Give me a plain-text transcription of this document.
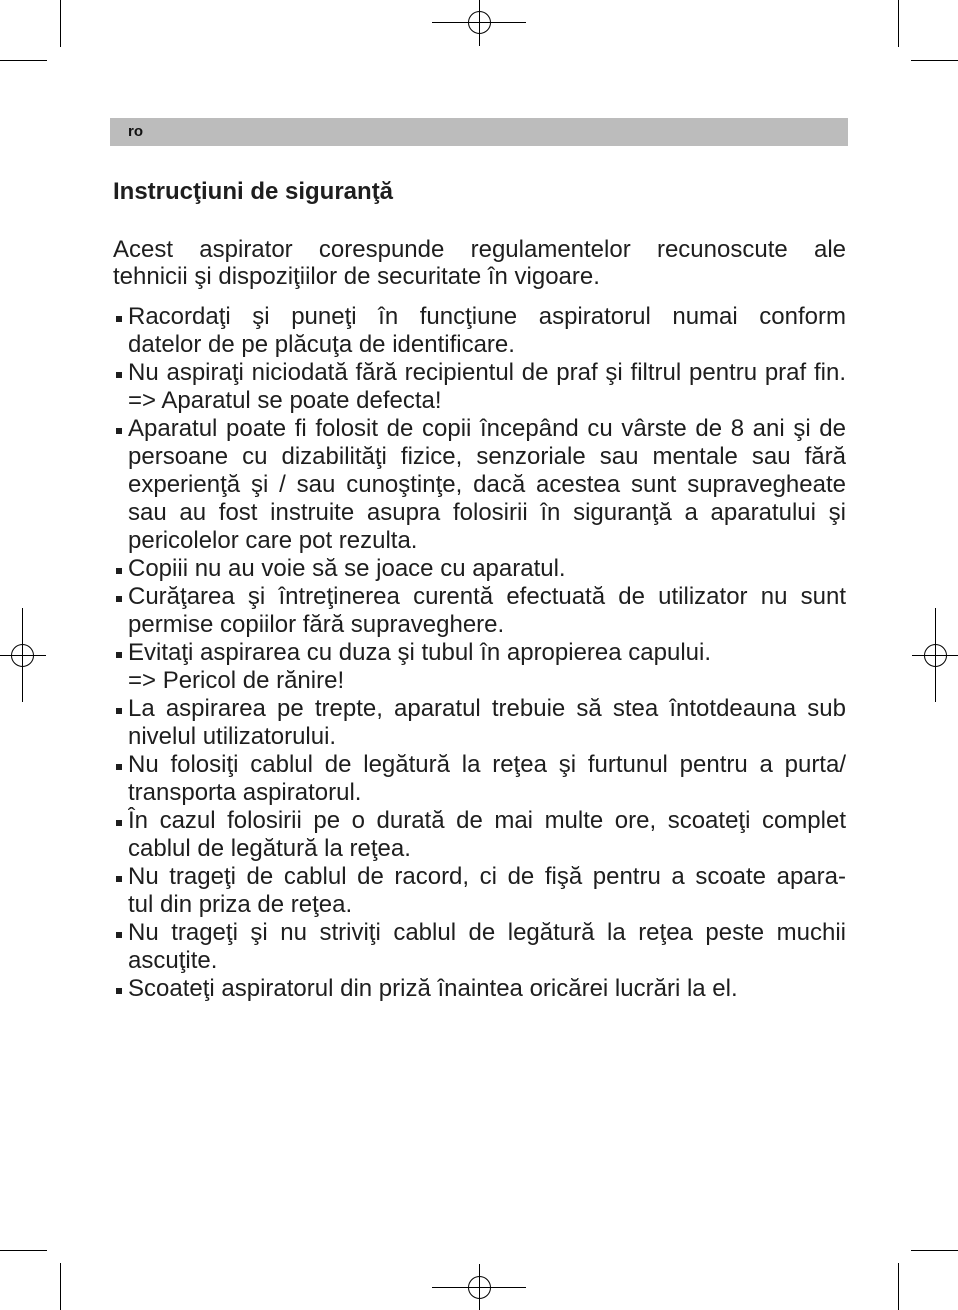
ro
Instrucţiuni de siguranţă
Acest aspirator corespunde regulamentelor recunoscute ale
tehnicii şi dispoziţiilor de securitate în vigoare.
Racordaţi şi puneţi în funcţiune aspiratorul numai conform
datelor de pe plăcuţa de identificare.
Nu aspiraţi niciodată fără recipientul de praf şi filtrul pentru praf fin.
=> Aparatul se poate defecta!
Aparatul poate fi folosit de copii începând cu vârste de 8 ani şi de
persoane cu dizabilităţi fizice, senzoriale sau mentale sau fără
experienţă şi / sau cunoştinţe, dacă acestea sunt supravegheate
sau au fost instruite asupra folosirii în siguranţă a aparatului şi
pericolelor care pot rezulta.
Copiii nu au voie să se joace cu aparatul.
Curăţarea şi întreţinerea curentă efectuată de utilizator nu sunt
permise copiilor fără supraveghere.
Evitaţi aspirarea cu duza şi tubul în apropierea capului.
=> Pericol de rănire!
La aspirarea pe trepte, aparatul trebuie să stea întotdeauna sub
nivelul utilizatorului.
Nu folosiţi cablul de legătură la reţea şi furtunul pentru a purta/
transporta aspiratorul.
În cazul folosirii pe o durată de mai multe ore, scoateţi complet
cablul de legătură la reţea.
Nu trageţi de cablul de racord, ci de fişă pentru a scoate apara-
tul din priza de reţea.
Nu trageţi şi nu striviţi cablul de legătură la reţea peste muchii
ascuţite.
Scoateţi aspiratorul din priză înaintea oricărei lucrări la el.
